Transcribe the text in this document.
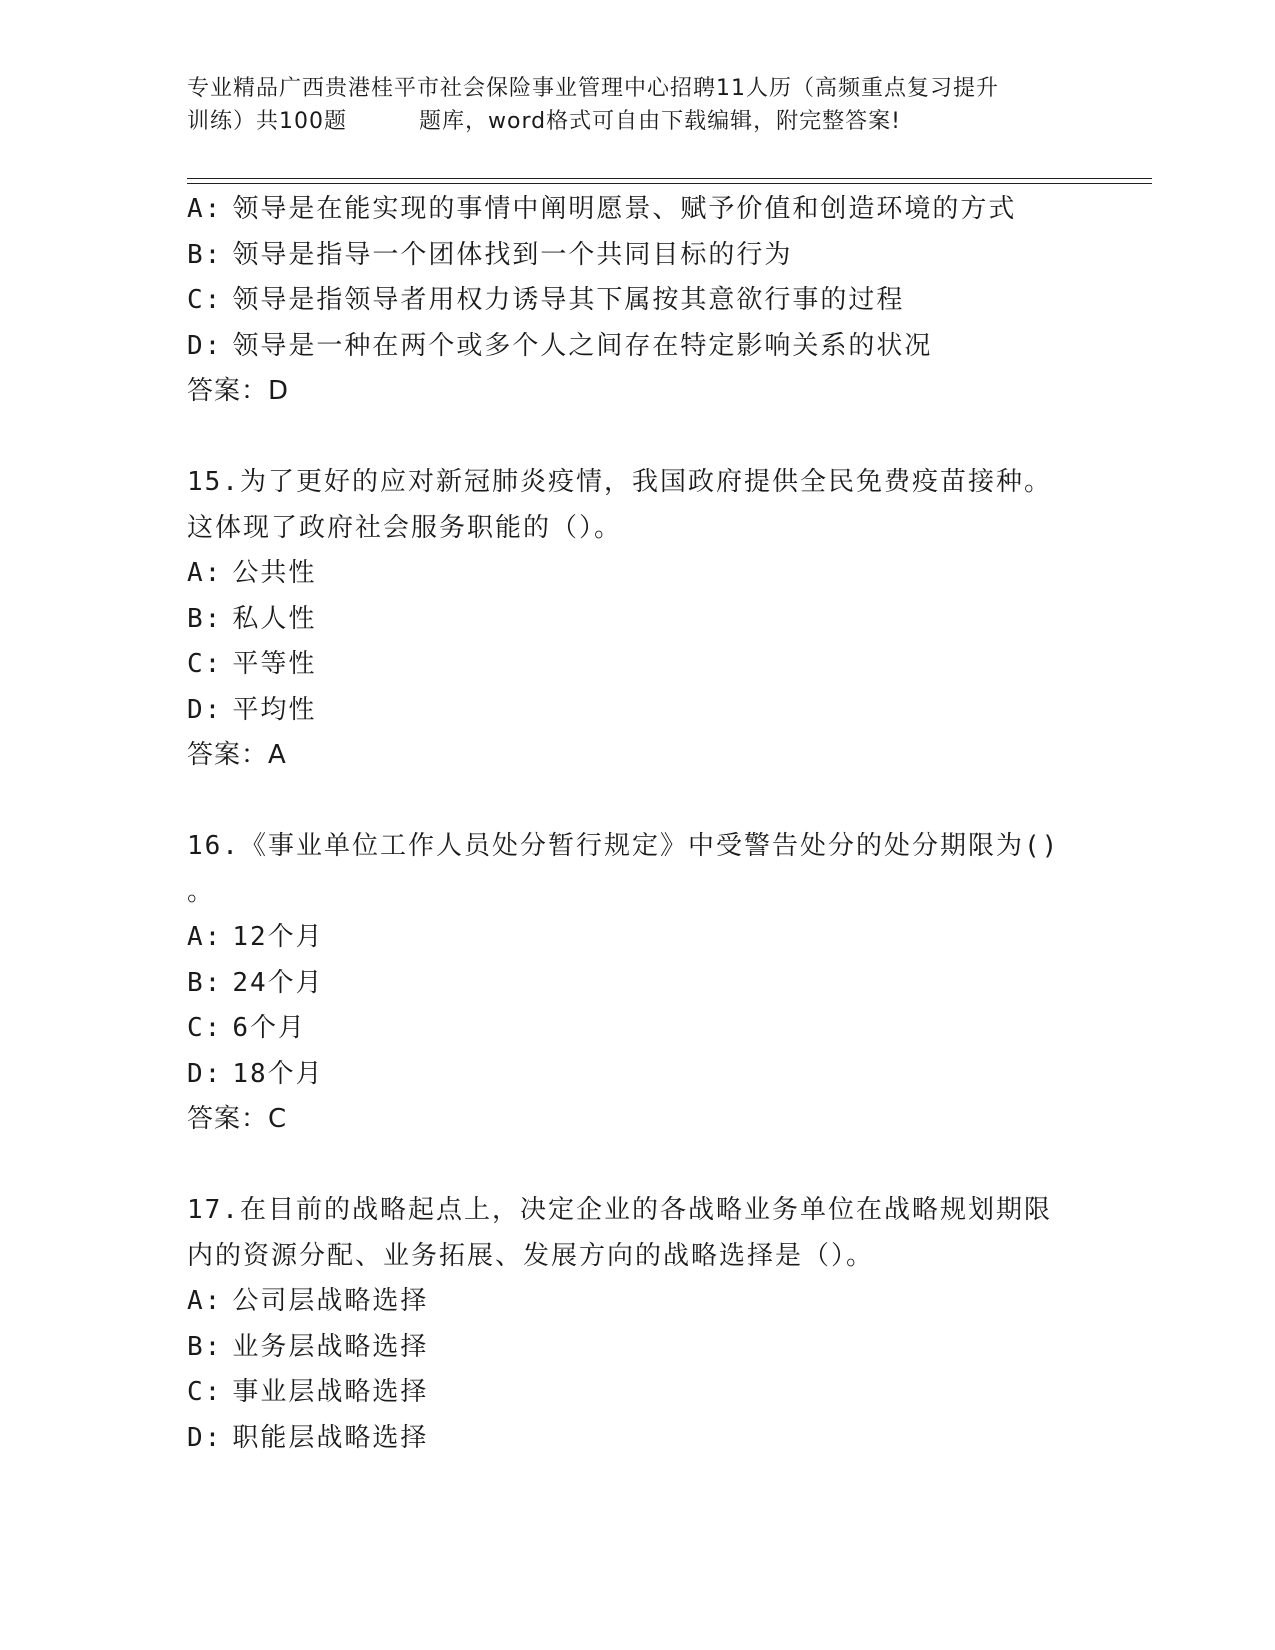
专业精品广西贵港桂平市社会保险事业管理中心招聘11人历（高频重点复习提升
训练）共100题	题库，word格式可自由下载编辑，附完整答案!
A: 领导是在能实现的事情中阐明愿景、赋予价值和创造环境的方式
B: 领导是指导一个团体找到一个共同目标的行为
C: 领导是指领导者用权力诱导其下属按其意欲行事的过程
D: 领导是一种在两个或多个人之间存在特定影响关系的状况
答案：D
15.为了更好的应对新冠肺炎疫情，我国政府提供全民免费疫苗接种。
这体现了政府社会服务职能的（）。
A: 公共性
B: 私人性
C: 平等性
D: 平均性
答案：A
16.《事业单位工作人员处分暂行规定》中受警告处分的处分期限为()
。
A: 12个月
B: 24个月
C: 6个月
D: 18个月
答案：C
17.在目前的战略起点上，决定企业的各战略业务单位在战略规划期限
内的资源分配、业务拓展、发展方向的战略选择是（）。
A: 公司层战略选择
B: 业务层战略选择
C: 事业层战略选择
D: 职能层战略选择
